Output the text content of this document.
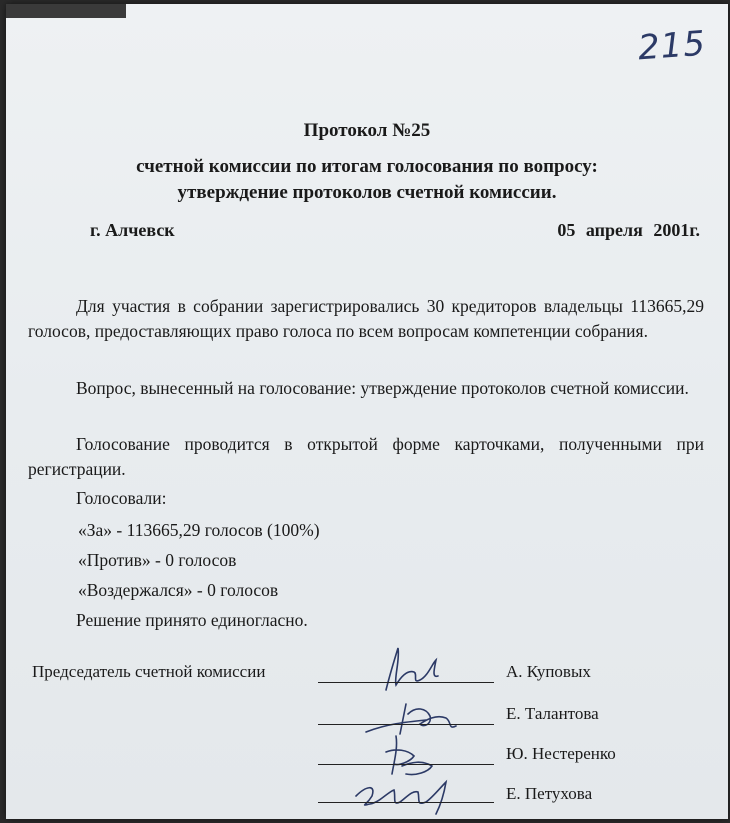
215
Протокол №25
счетной комиссии по итогам голосования по вопросу:
утверждение протоколов счетной комиссии.
г. Алчевск	05 апреля 2001г.
Для участия в собрании зарегистрировались 30 кредиторов владельцы 113665,29 голосов, предоставляющих право голоса по всем вопросам компетенции собрания.
Вопрос, вынесенный на голосование: утверждение протоколов счетной комиссии.
Голосование проводится в открытой форме карточками, полученными при регистрации.
Голосовали:
«За» - 113665,29 голосов (100%)
«Против» - 0 голосов
«Воздержался» - 0 голосов
Решение принято единогласно.
Председатель счетной комиссии	А. Куповых
Е. Талантова
Ю. Нестеренко
Е. Петухова
